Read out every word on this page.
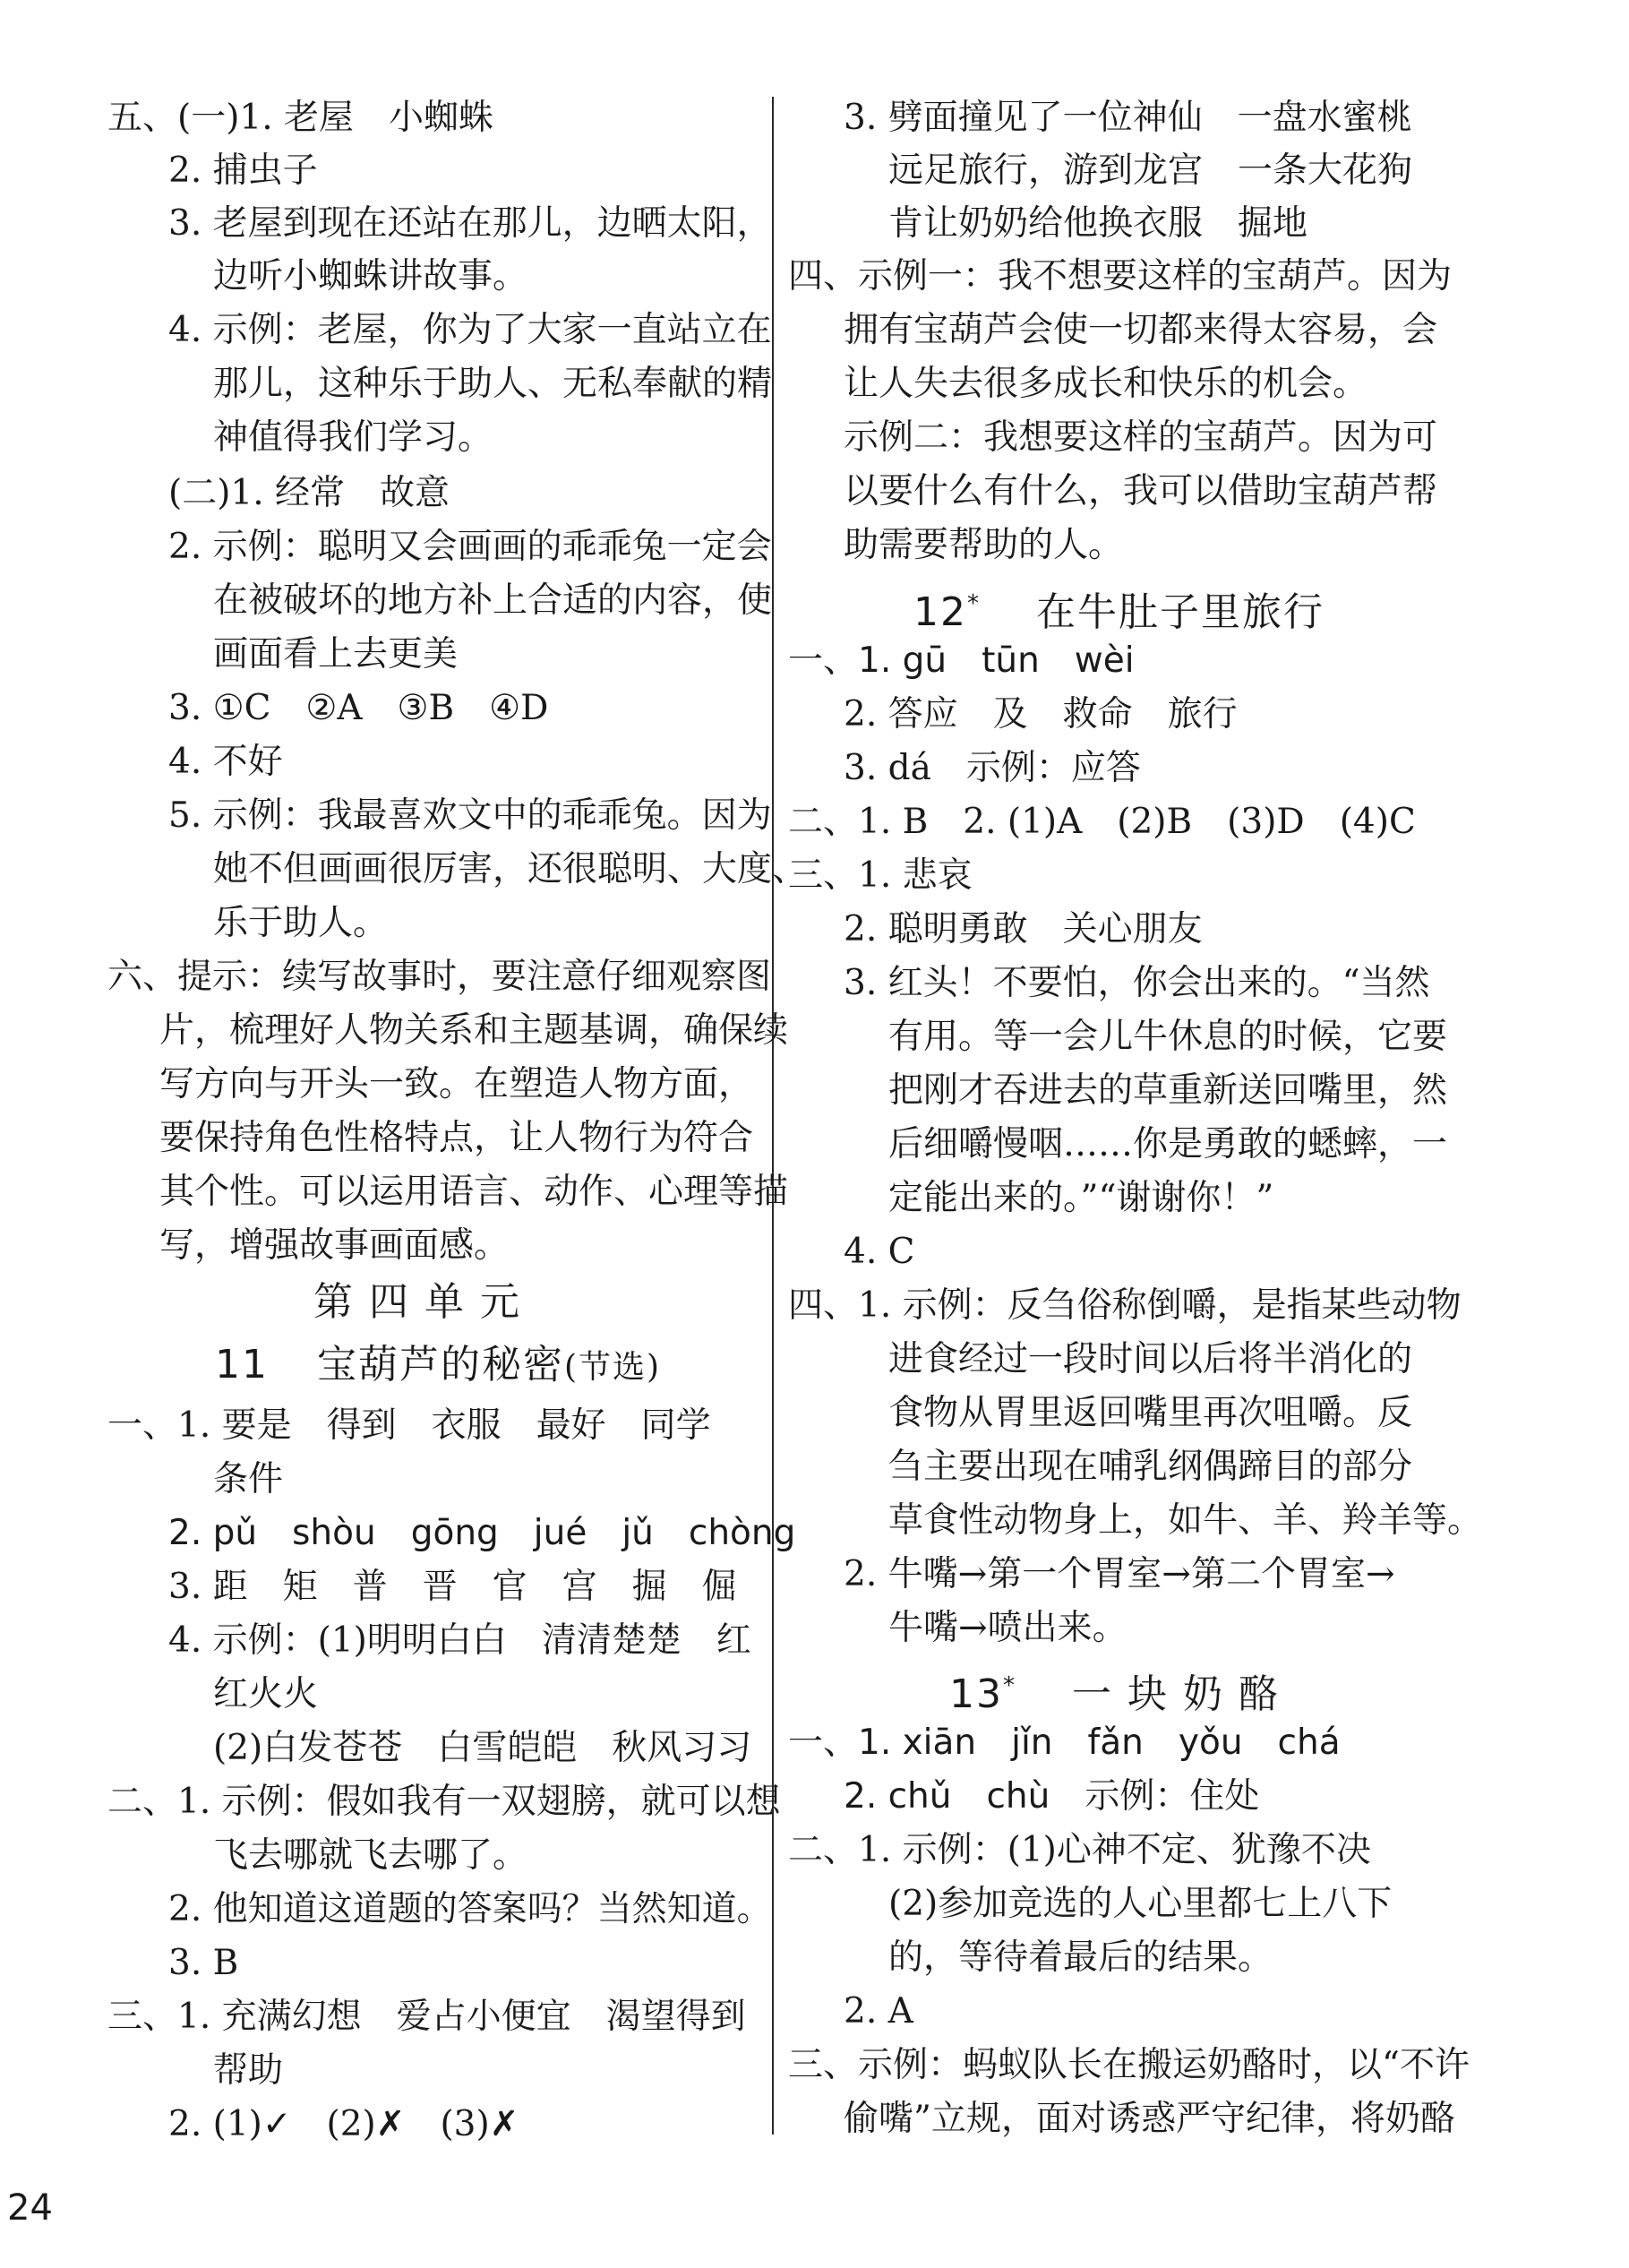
五、(一)1. 老屋　小蜘蛛
2. 捕虫子
3. 老屋到现在还站在那儿，边晒太阳，
边听小蜘蛛讲故事。
4. 示例：老屋，你为了大家一直站立在
那儿，这种乐于助人、无私奉献的精
神值得我们学习。
(二)1. 经常　故意
2. 示例：聪明又会画画的乖乖兔一定会
在被破坏的地方补上合适的内容，使
画面看上去更美
3. ①C　②A　③B　④D
4. 不好
5. 示例：我最喜欢文中的乖乖兔。因为
她不但画画很厉害，还很聪明、大度、
乐于助人。
六、提示：续写故事时，要注意仔细观察图
片，梳理好人物关系和主题基调，确保续
写方向与开头一致。在塑造人物方面，
要保持角色性格特点，让人物行为符合
其个性。可以运用语言、动作、心理等描
写，增强故事画面感。
第 四 单 元
11 宝葫芦的秘密(节选)
一、1. 要是　得到　衣服　最好　同学
条件
2. pǔ　shòu　gōng　jué　jǔ　chòng
3. 距　矩　普　晋　官　宫　掘　倔
4. 示例：(1)明明白白　清清楚楚　红
红火火
(2)白发苍苍　白雪皑皑　秋风习习
二、1. 示例：假如我有一双翅膀，就可以想
飞去哪就飞去哪了。
2. 他知道这道题的答案吗？当然知道。
3. B
三、1. 充满幻想　爱占小便宜　渴望得到
帮助
2. (1)✓　(2)✗　(3)✗
3. 劈面撞见了一位神仙　一盘水蜜桃
远足旅行，游到龙宫　一条大花狗
肯让奶奶给他换衣服　掘地
四、示例一：我不想要这样的宝葫芦。因为
拥有宝葫芦会使一切都来得太容易，会
让人失去很多成长和快乐的机会。
示例二：我想要这样的宝葫芦。因为可
以要什么有什么，我可以借助宝葫芦帮
助需要帮助的人。
12* 在牛肚子里旅行
一、1. gū　tūn　wèi
2. 答应　及　救命　旅行
3. dá　示例：应答
二、1. B　2. (1)A　(2)B　(3)D　(4)C
三、1. 悲哀
2. 聪明勇敢　关心朋友
3. 红头！不要怕，你会出来的。“当然
有用。等一会儿牛休息的时候，它要
把刚才吞进去的草重新送回嘴里，然
后细嚼慢咽……你是勇敢的蟋蟀，一
定能出来的。”“谢谢你！”
4. C
四、1. 示例：反刍俗称倒嚼，是指某些动物
进食经过一段时间以后将半消化的
食物从胃里返回嘴里再次咀嚼。反
刍主要出现在哺乳纲偶蹄目的部分
草食性动物身上，如牛、羊、羚羊等。
2. 牛嘴→第一个胃室→第二个胃室→
牛嘴→喷出来。
13* 一 块 奶 酪
一、1. xiān　jǐn　fǎn　yǒu　chá
2. chǔ　chù　示例：住处
二、1. 示例：(1)心神不定、犹豫不决
(2)参加竞选的人心里都七上八下
的，等待着最后的结果。
2. A
三、示例：蚂蚁队长在搬运奶酪时，以“不许
偷嘴”立规，面对诱惑严守纪律，将奶酪
24
